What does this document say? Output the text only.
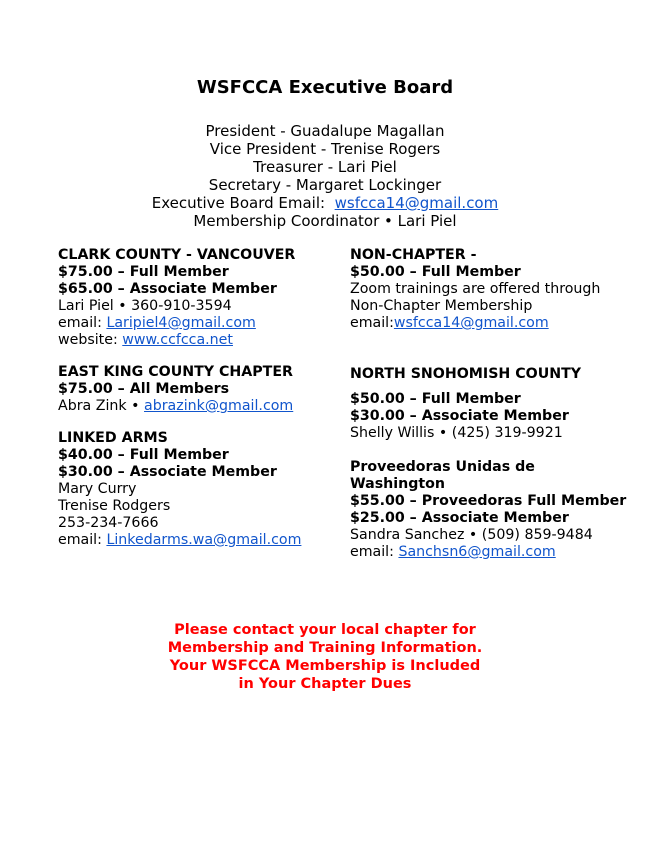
WSFCCA Executive Board
President - Guadalupe Magallan
Vice President - Trenise Rogers
Treasurer - Lari Piel
Secretary - Margaret Lockinger
Executive Board Email: wsfcca14@gmail.com
Membership Coordinator • Lari Piel
CLARK COUNTY - VANCOUVER
$75.00 – Full Member
$65.00 – Associate Member
Lari Piel • 360-910-3594
email: Laripiel4@gmail.com
website: www.ccfcca.net
EAST KING COUNTY CHAPTER
$75.00 – All Members
Abra Zink • abrazink@gmail.com
LINKED ARMS
$40.00 – Full Member
$30.00 – Associate Member
Mary Curry
Trenise Rodgers
253-234-7666
email: Linkedarms.wa@gmail.com
NON-CHAPTER -
$50.00 – Full Member
Zoom trainings are offered through
Non-Chapter Membership
email:wsfcca14@gmail.com
NORTH SNOHOMISH COUNTY
$50.00 – Full Member
$30.00 – Associate Member
Shelly Willis • (425) 319-9921
Proveedoras Unidas de
Washington
$55.00 – Proveedoras Full Member
$25.00 – Associate Member
Sandra Sanchez • (509) 859-9484
email: Sanchsn6@gmail.com
Please contact your local chapter for
Membership and Training Information.
Your WSFCCA Membership is Included
in Your Chapter Dues
